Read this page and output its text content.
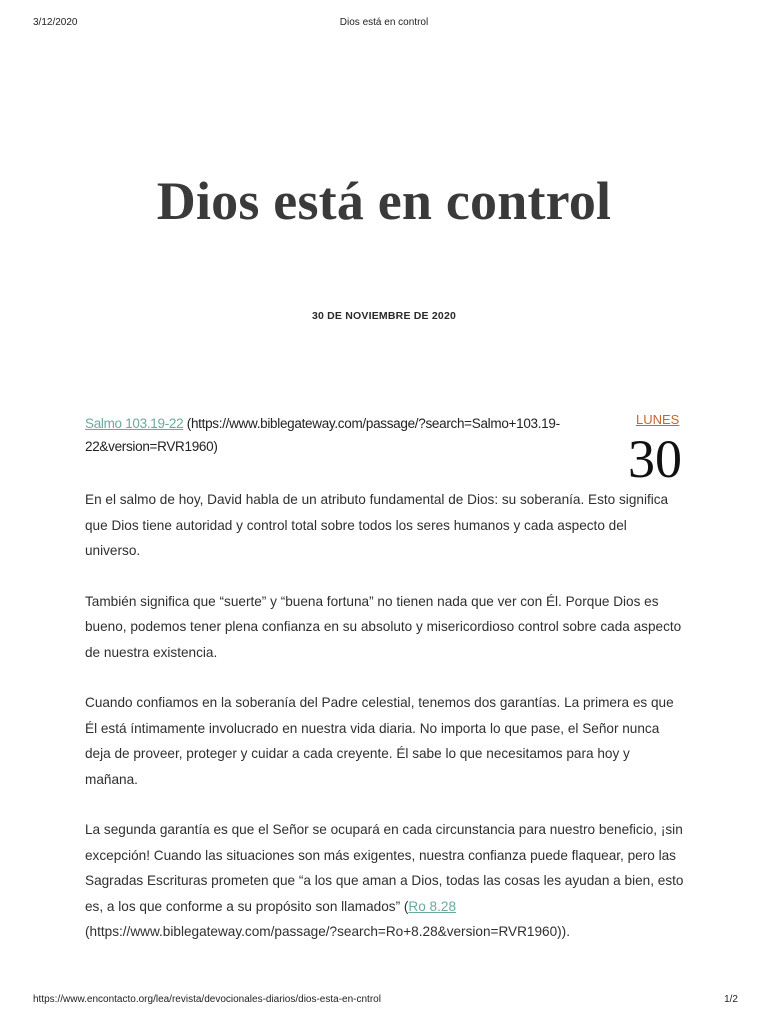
3/12/2020	Dios está en control
Dios está en control
30 DE NOVIEMBRE DE 2020
LUNES
30
Salmo 103.19-22 (https://www.biblegateway.com/passage/?search=Salmo+103.19-22&version=RVR1960)

En el salmo de hoy, David habla de un atributo fundamental de Dios: su soberanía. Esto significa que Dios tiene autoridad y control total sobre todos los seres humanos y cada aspecto del universo.

También significa que “suerte” y “buena fortuna” no tienen nada que ver con Él. Porque Dios es bueno, podemos tener plena confianza en su absoluto y misericordioso control sobre cada aspecto de nuestra existencia.

Cuando confiamos en la soberanía del Padre celestial, tenemos dos garantías. La primera es que Él está íntimamente involucrado en nuestra vida diaria. No importa lo que pase, el Señor nunca deja de proveer, proteger y cuidar a cada creyente. Él sabe lo que necesitamos para hoy y mañana.

La segunda garantía es que el Señor se ocupará en cada circunstancia para nuestro beneficio, ¡sin excepción! Cuando las situaciones son más exigentes, nuestra confianza puede flaquear, pero las Sagradas Escrituras prometen que “a los que aman a Dios, todas las cosas les ayudan a bien, esto es, a los que conforme a su propósito son llamados” (Ro 8.28 (https://www.biblegateway.com/passage/?search=Ro+8.28&version=RVR1960)).

https://www.encontacto.org/lea/revista/devocionales-diarios/dios-esta-en-cntrol	1/2
